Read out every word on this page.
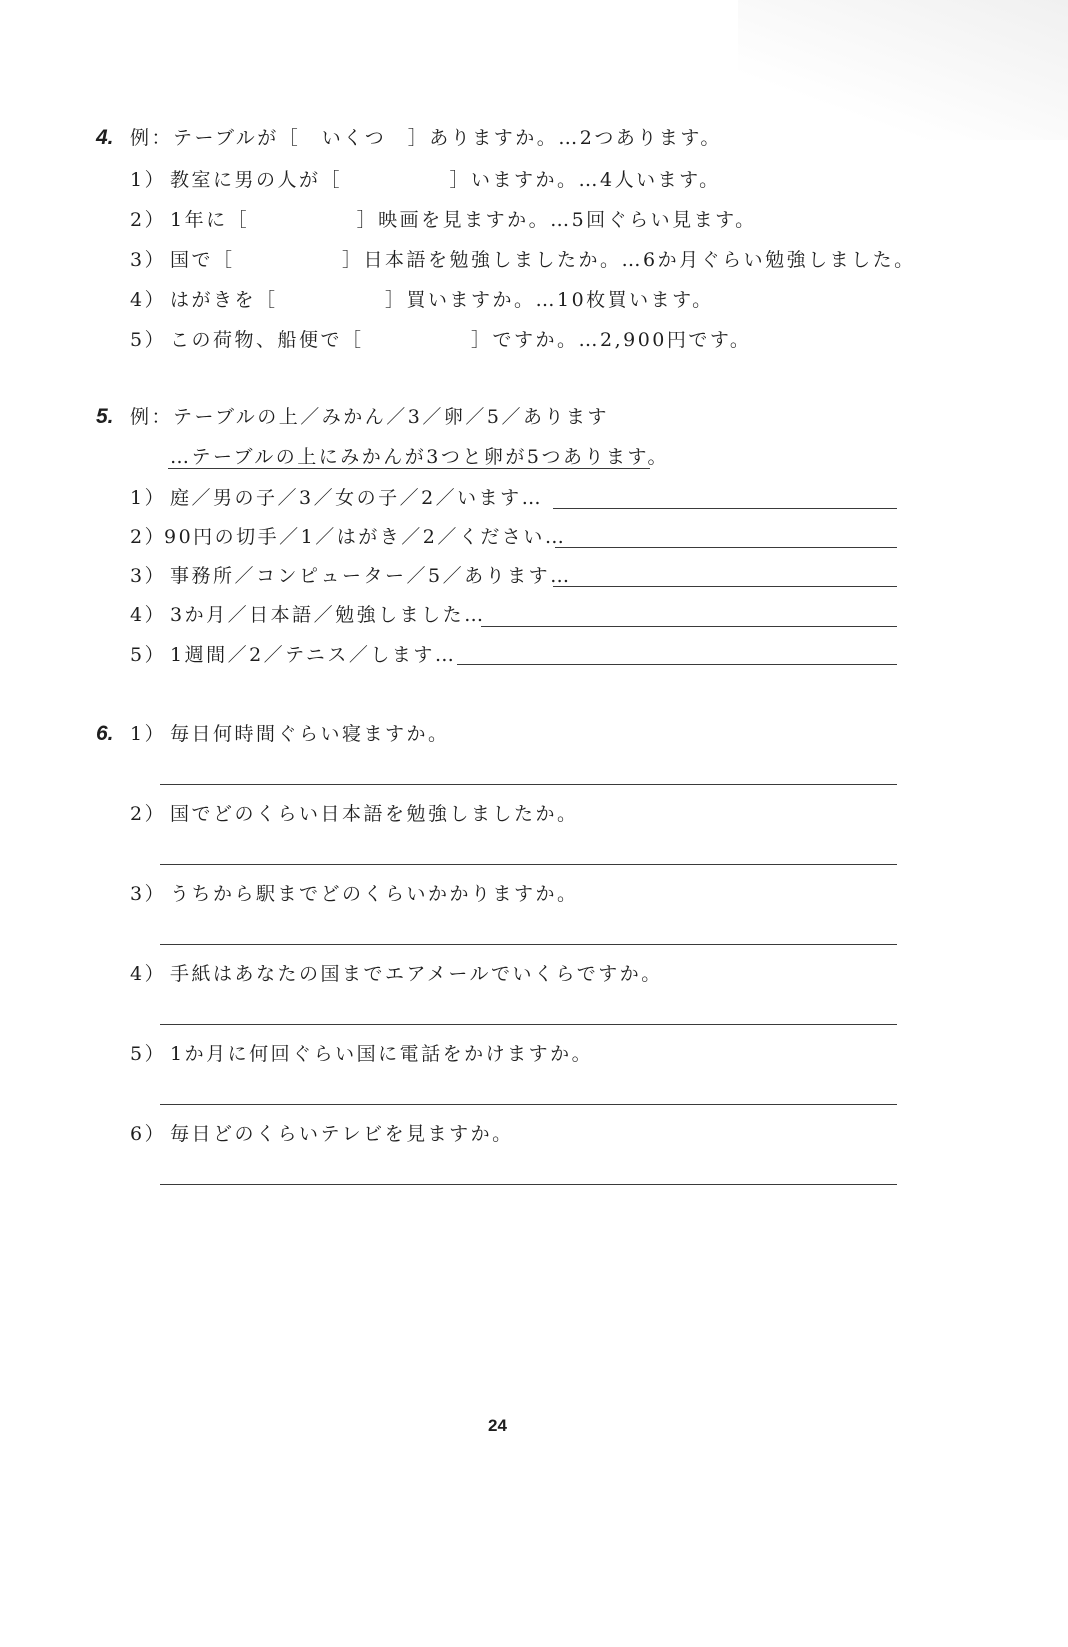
4. 例：テーブルが［　いくつ　］ありますか。…2つあります。
1） 教室に男の人が［　　　　　］いますか。…4人います。
2） 1年に［　　　　　］映画を見ますか。…5回ぐらい見ます。
3） 国で［　　　　　］日本語を勉強しましたか。…6か月ぐらい勉強しました。
4） はがきを［　　　　　］買いますか。…10枚買います。
5） この荷物、船便で［　　　　　］ですか。…2,900円です。
5. 例：テーブルの上／みかん／3／卵／5／あります
…テーブルの上にみかんが3つと卵が5つあります。
1） 庭／男の子／3／女の子／2／います…
2）
90円の切手／1／はがき／2／ください…
3） 事務所／コンピューター／5／あります…
4） 3か月／日本語／勉強しました…
5） 1週間／2／テニス／します…
6. 1） 毎日何時間ぐらい寝ますか。
2） 国でどのくらい日本語を勉強しましたか。
3） うちから駅までどのくらいかかりますか。
4） 手紙はあなたの国までエアメールでいくらですか。
5） 1か月に何回ぐらい国に電話をかけますか。
6） 毎日どのくらいテレビを見ますか。
24
